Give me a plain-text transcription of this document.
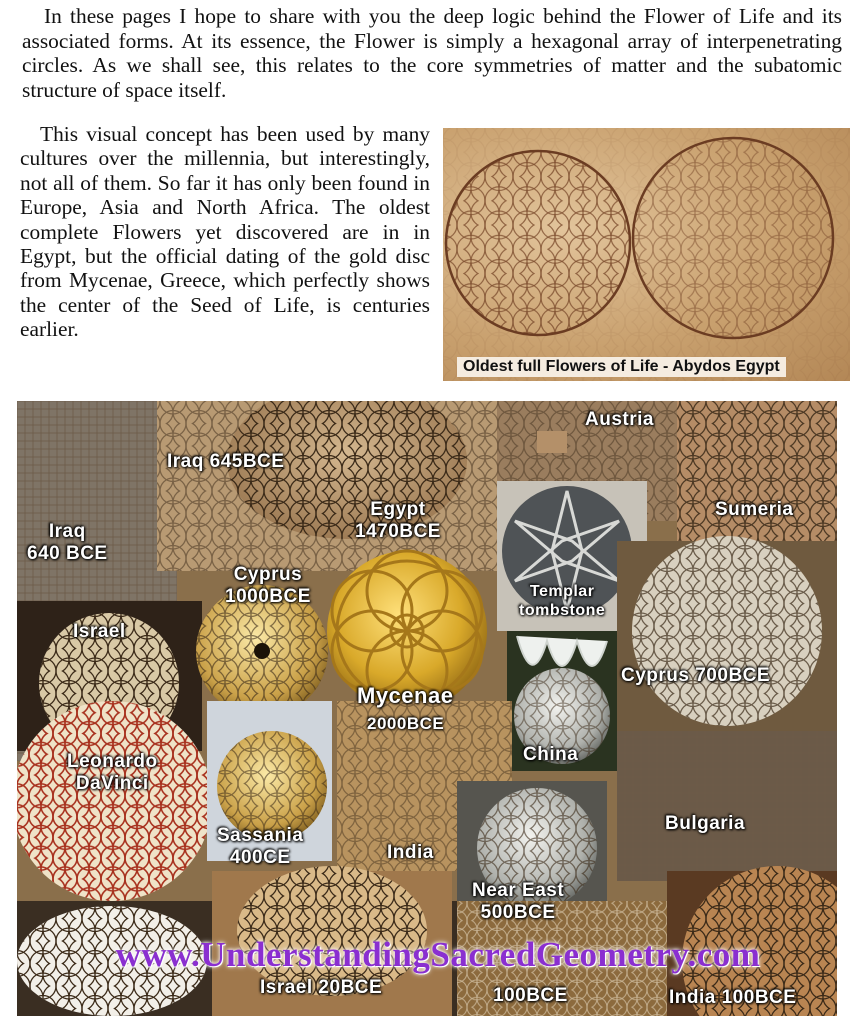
In these pages I hope to share with you the deep logic behind the Flower of Life and its associated forms. At its essence, the Flower is simply a hexagonal array of interpenetrating circles. As we shall see, this relates to the core symmetries of matter and the subatomic structure of space itself.

This visual concept has been used by many cultures over the millennia, but interestingly, not all of them. So far it has only been found in Europe, Asia and North Africa. The oldest complete Flowers yet discovered are in in Egypt, but the official dating of the gold disc from Mycenae, Greece, which perfectly shows the center of the Seed of Life, is centuries earlier.

Oldest full Flowers of Life - Abydos Egypt
Iraq 645BCE
Austria
Egypt
1470BCE
Sumeria
Iraq
640 BCE
Cyprus
1000BCE	Templar
tombstone
Israel
Cyprus 700BCE
Mycenae
2000BCE
China
Leonardo
DaVinci
Sassania
400CE	India
Bulgaria
Near East
500BCE
Israel 20BCE	100BCE	India 100BCE
www.UnderstandingSacredGeometry.com
